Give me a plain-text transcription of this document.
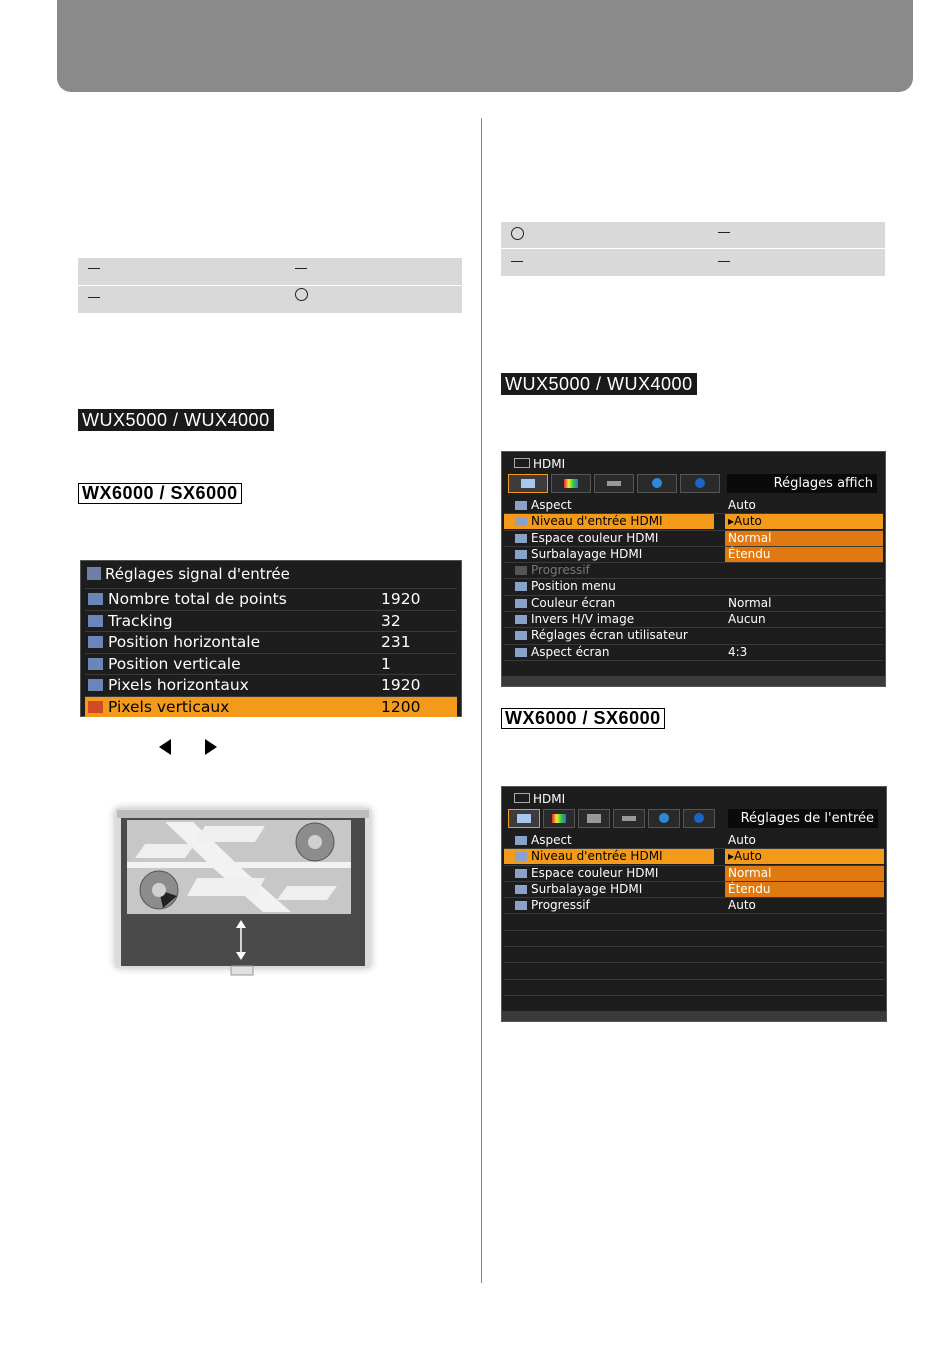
WUX5000 / WUX4000
WX6000 / SX6000
WUX5000 / WUX4000
WX6000 / SX6000
Réglages signal d'entrée
Nombre total de points	1920
Tracking	32
Position horizontale	231
Position verticale	1
Pixels horizontaux	1920
Pixels verticaux	1200
HDMI
Réglages affich
Aspect	Auto
Niveau d'entrée HDMI	▸Auto
Espace couleur HDMI	Normal
Surbalayage HDMI	Étendu
Progressif
Position menu
Couleur écran	Normal
Invers H/V image	Aucun
Réglages écran utilisateur
Aspect écran	4:3
HDMI
Réglages de l'entrée
Aspect	Auto
Niveau d'entrée HDMI	▸Auto
Espace couleur HDMI	Normal
Surbalayage HDMI	Étendu
Progressif	Auto
